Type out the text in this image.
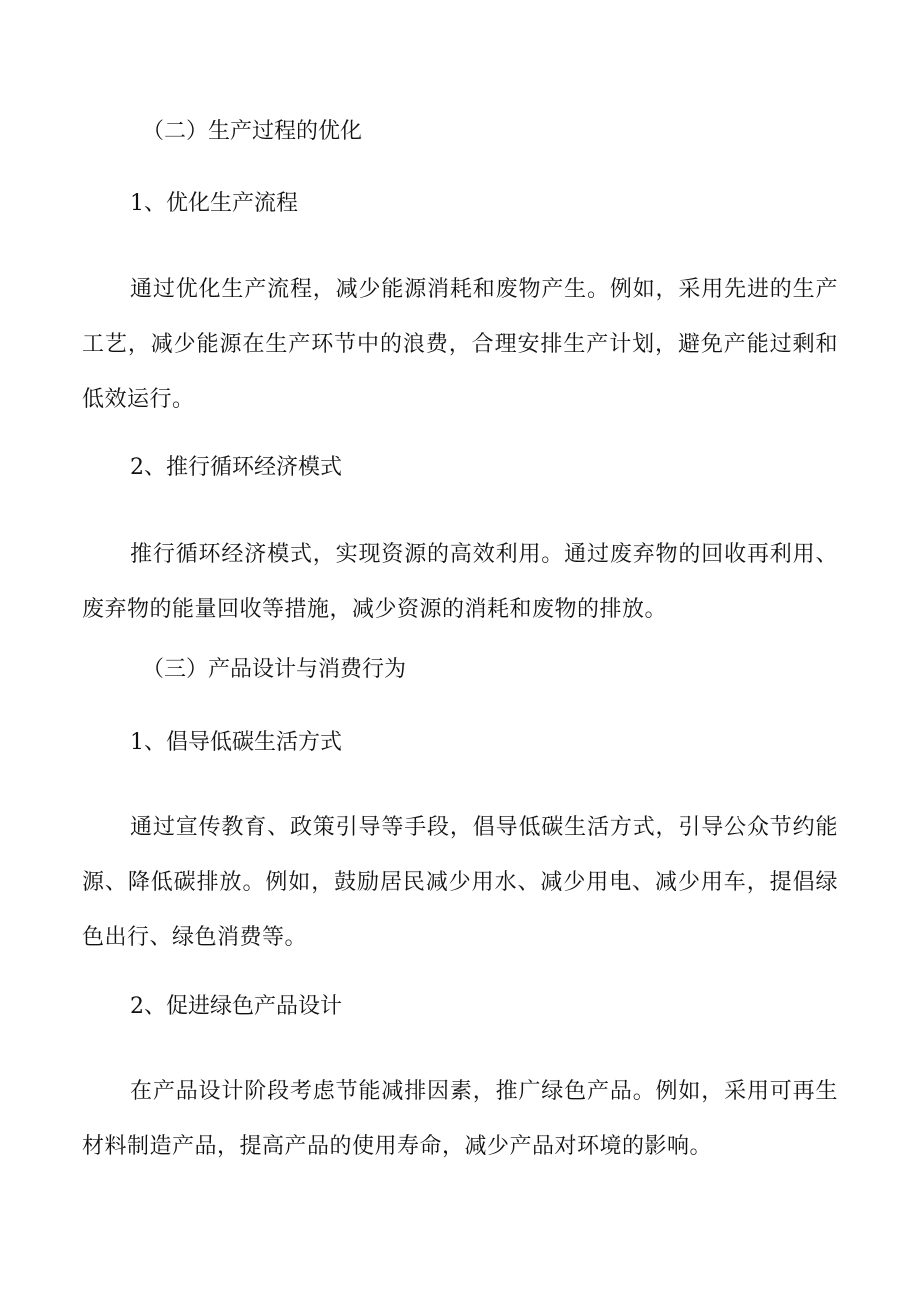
（二）生产过程的优化
1、优化生产流程

通过优化生产流程，减少能源消耗和废物产生。例如，采用先进的生产工艺，减少能源在生产环节中的浪费，合理安排生产计划，避免产能过剩和低效运行。

2、推行循环经济模式

推行循环经济模式，实现资源的高效利用。通过废弃物的回收再利用、废弃物的能量回收等措施，减少资源的消耗和废物的排放。

（三）产品设计与消费行为
1、倡导低碳生活方式

通过宣传教育、政策引导等手段，倡导低碳生活方式，引导公众节约能源、降低碳排放。例如，鼓励居民减少用水、减少用电、减少用车，提倡绿色出行、绿色消费等。

2、促进绿色产品设计

在产品设计阶段考虑节能减排因素，推广绿色产品。例如，采用可再生材料制造产品，提高产品的使用寿命，减少产品对环境的影响。
